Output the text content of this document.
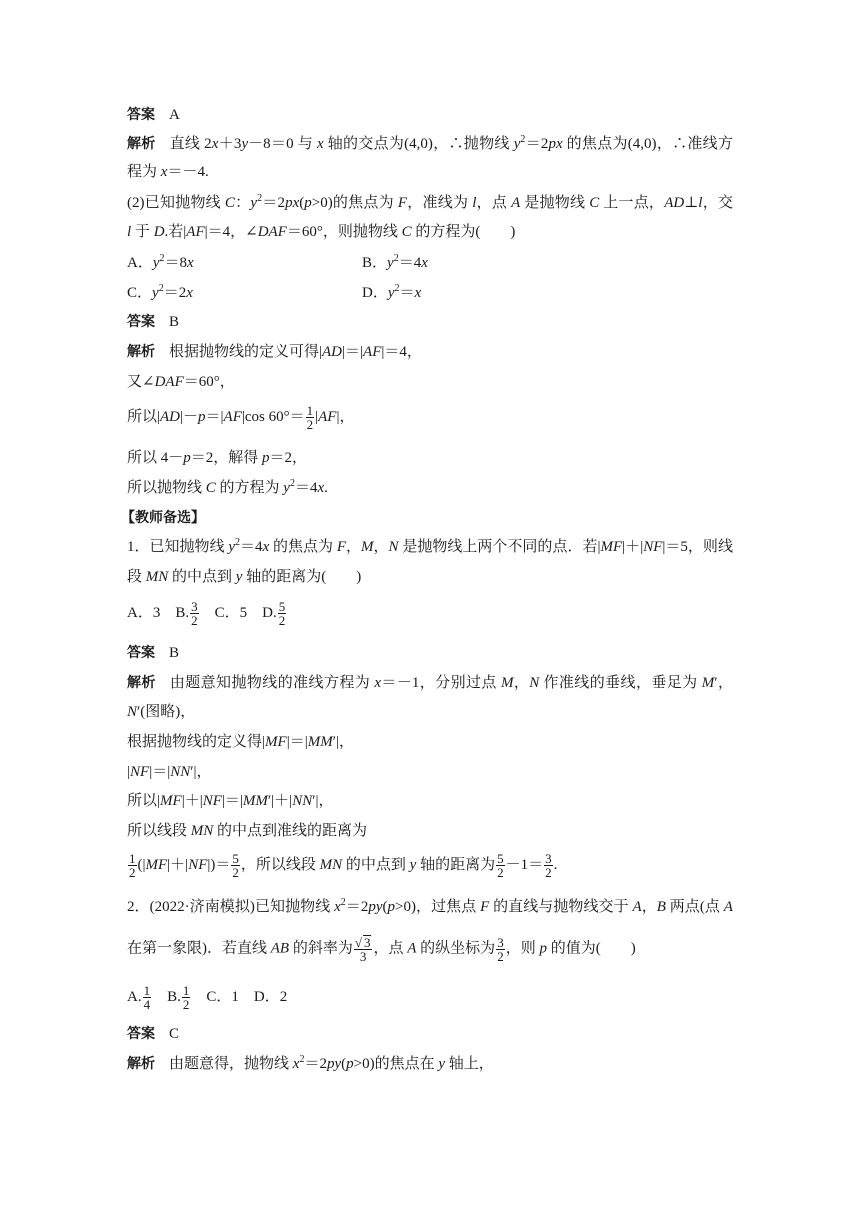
答案 A
解析 直线 2x＋3y－8＝0 与 x 轴的交点为(4,0)，∴抛物线 $y^2=2px$ 的焦点为(4,0)，∴准线方
程为 x＝－4.
(2)已知抛物线 C：$y^2=2px(p>0)$的焦点为 F，准线为 l，点 A 是抛物线 C 上一点，AD⊥l，交
l 于 D.若|AF|＝4，∠DAF＝60°，则抛物线 C 的方程为(　　)
A．$y^2=8x$	B．$y^2=4x$
C．$y^2=2x$	D．$y^2=x$
答案 B
解析 根据抛物线的定义可得|AD|＝|AF|＝4，
又∠DAF＝60°，
所以|AD|－p＝|AF|cos $60^\circ= \frac{1}{2} |AF|$，
所以 4－p＝2，解得 p＝2，
所以抛物线 C 的方程为 $y^2=4x$.
【教师备选】
1．已知抛物线 $y^2=4x$ 的焦点为 F，M，N 是抛物线上两个不同的点．若|MF|＋|NF|＝5，则线
段 MN 的中点到 y 轴的距离为(　　)
A．3　B. $\frac{3}{2}$ 　C．5　D. $\frac{5}{2}$
答案 B
解析 由题意知抛物线的准线方程为 x＝－1，分别过点 M，N 作准线的垂线，垂足为 M′，
N′(图略)，
根据抛物线的定义得|MF|＝|MM′|，
|NF|＝|NN′|，
所以|MF|＋|NF|＝|MM′|＋|NN′|，
所以线段 MN 的中点到准线的距离为
$\frac{1}{2} (|MF|+|NF|)= \frac{5}{2}$ ，所以线段 MN 的中点到 y 轴的距离为 $\frac{5}{2} -1= \frac{3}{2}$ .
2．(2022·济南模拟)已知抛物线 $x^2=2py(p>0)$，过焦点 F 的直线与抛物线交于 A，B 两点(点 A
在第一象限)．若直线 AB 的斜率为 $\frac{√ 3}{3}$ ，点 A 的纵坐标为 $\frac{3}{2}$ ，则 p 的值为(　　)
A. $\frac{1}{4}$ 　B. $\frac{1}{2}$ 　C．1　D．2
答案 C
解析 由题意得，抛物线 $x^2=2py(p>0)$的焦点在 y 轴上，
